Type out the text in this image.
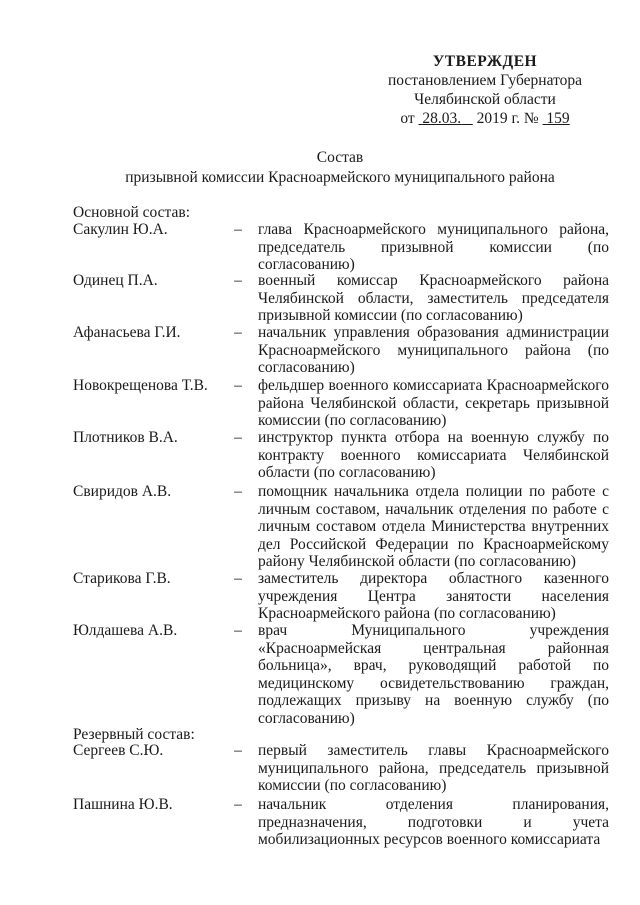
УТВЕРЖДЕН
постановлением Губернатора
Челябинской области
от 28.03. 2019 г. № 159
Состав
призывной комиссии Красноармейского муниципального района
Основной состав:
Сакулин Ю.А.	– глава Красноармейского муниципального района, председатель призывной комиссии (по согласованию)
Одинец П.А.	– военный комиссар Красноармейского района Челябинской области, заместитель председателя призывной комиссии (по согласованию)
Афанасьева Г.И.	– начальник управления образования администрации Красноармейского муниципального района (по согласованию)
Новокрещенова Т.В.	– фельдшер военного комиссариата Красноармейского района Челябинской области, секретарь призывной комиссии (по согласованию)
Плотников В.А.	– инструктор пункта отбора на военную службу по контракту военного комиссариата Челябинской области (по согласованию)
Свиридов А.В.	– помощник начальника отдела полиции по работе с личным составом, начальник отделения по работе с личным составом отдела Министерства внутренних дел Российской Федерации по Красноармейскому району Челябинской области (по согласованию)
Старикова Г.В.	– заместитель директора областного казенного учреждения Центра занятости населения Красноармейского района (по согласованию)
Юлдашева А.В.	– врач Муниципального учреждения «Красноармейская центральная районная больница», врач, руководящий работой по медицинскому освидетельствованию граждан, подлежащих призыву на военную службу (по согласованию)
Резервный состав:
Сергеев С.Ю.	– первый заместитель главы Красноармейского муниципального района, председатель призывной комиссии (по согласованию)
Пашнина Ю.В.	– начальник отделения планирования, предназначения, подготовки и учета мобилизационных ресурсов военного комиссариата
